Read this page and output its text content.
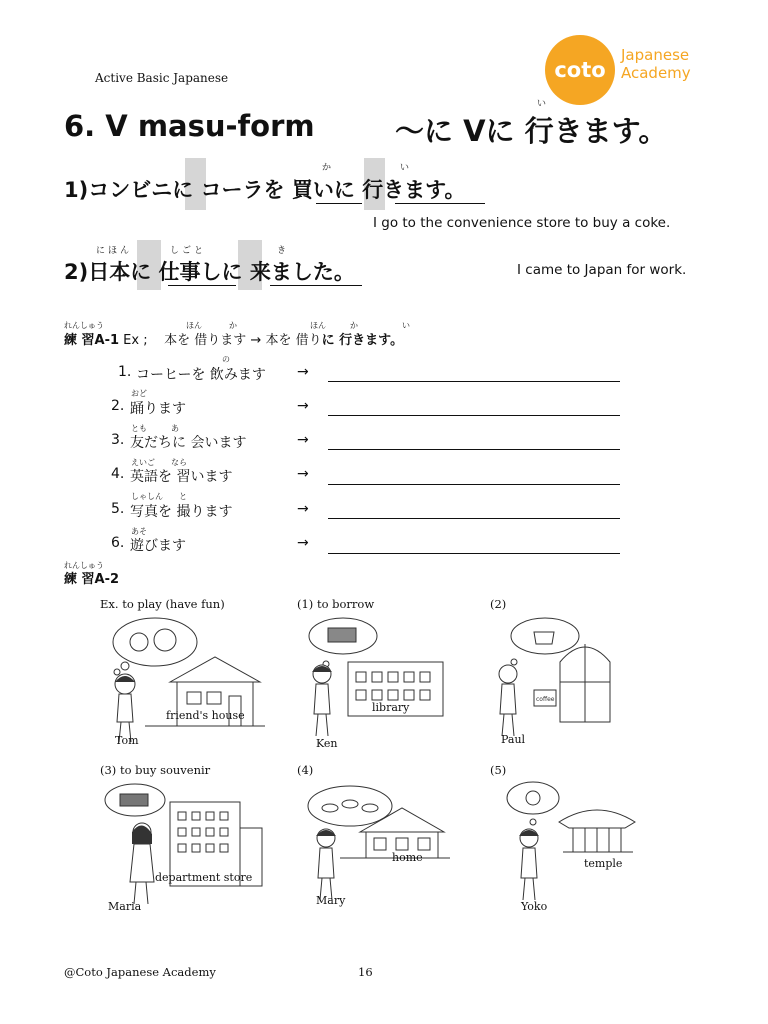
Active Basic Japanese	coto
Japanese
Academy
い
6. V masu-form	～に Vに 行きます。
か	い
1)コンビニに コーラを 買いに 行きます。
I go to the convenience store to buy a coke.
にほん	しごと	き
2)日本に 仕事しに 来ました。	I came to Japan for work.
れんしゅう	ほん	か	ほん	か	い
練 習A-1 Ex ; 本を 借ります → 本を 借りに 行きます。
の
1. コーヒーを 飲みます →
おど
2. 踊ります	→
とも　　　あ
3. 友だちに 会います	→
えいご　　なら
4. 英語を 習います	→
しゃしん　　と
5. 写真を 撮ります	→
あそ
6. 遊びます	→
れんしゅう
練 習A-2
Ex. to play (have fun)
friend's house
Tom
(1) to borrow
library
Ken
(2)
coffee
Paul
(3) to buy souvenir
department store
Maria
(4)
home
Mary
(5)
temple
Yoko
@Coto Japanese Academy	16
